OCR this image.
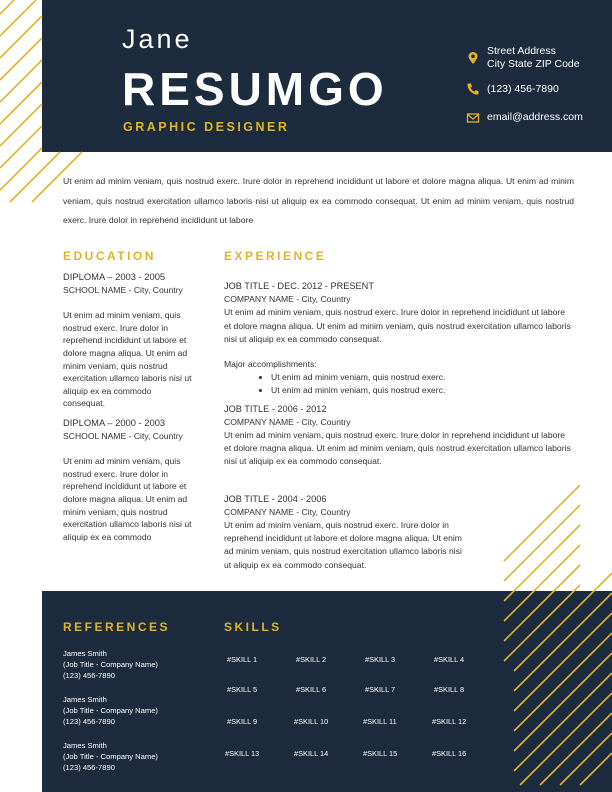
Jane
RESUMGO
GRAPHIC DESIGNER
Street Address
City State ZIP Code
(123) 456-7890
email@address.com
Ut enim ad minim veniam, quis nostrud exerc. Irure dolor in reprehend incididunt ut labore et dolore magna aliqua. Ut enim ad minim veniam, quis nostrud exercitation ullamco laboris nisi ut aliquip ex ea commodo consequat. Ut enim ad minim veniam, quis nostrud exerc. Irure dolor in reprehend incididunt ut labore
EDUCATION
DIPLOMA – 2003 - 2005
SCHOOL NAME - City, Country
Ut enim ad minim veniam, quis nostrud exerc. Irure dolor in reprehend incididunt ut labore et dolore magna aliqua. Ut enim ad minim veniam, quis nostrud exercitation ullamco laboris nisi ut aliquip ex ea commodo consequat.
DIPLOMA – 2000 - 2003
SCHOOL NAME - City, Country
Ut enim ad minim veniam, quis nostrud exerc. Irure dolor in reprehend incididunt ut labore et dolore magna aliqua. Ut enim ad minim veniam, quis nostrud exercitation ullamco laboris nisi ut aliquip ex ea commodo
EXPERIENCE
JOB TITLE - DEC. 2012 - PRESENT
COMPANY NAME - City, Country
Ut enim ad minim veniam, quis nostrud exerc. Irure dolor in reprehend incididunt ut labore et dolore magna aliqua. Ut enim ad minim veniam, quis nostrud exercitation ullamco laboris nisi ut aliquip ex ea commodo consequat.
Major accomplishments:
• Ut enim ad minim veniam, quis nostrud exerc.
• Ut enim ad minim veniam, quis nostrud exerc.
JOB TITLE - 2006 - 2012
COMPANY NAME - City, Country
Ut enim ad minim veniam, quis nostrud exerc. Irure dolor in reprehend incididunt ut labore et dolore magna aliqua. Ut enim ad minim veniam, quis nostrud exercitation ullamco laboris nisi ut aliquip ex ea commodo consequat.
JOB TITLE - 2004 - 2006
COMPANY NAME - City, Country
Ut enim ad minim veniam, quis nostrud exerc. Irure dolor in reprehend incididunt ut labore et dolore magna aliqua. Ut enim ad minim veniam, quis nostrud exercitation ullamco laboris nisi ut aliquip ex ea commodo consequat.
REFERENCES
James Smith
(Job Title - Company Name)
(123) 456-7890
James Smith
(Job Title - Company Name)
(123) 456-7890
James Smith
(Job Title - Company Name)
(123) 456-7890
SKILLS
#SKILL 1	#SKILL 2	#SKILL 3	#SKILL 4
#SKILL 5	#SKILL 6	#SKILL 7	#SKILL 8
#SKILL 9	#SKILL 10	#SKILL 11	#SKILL 12
#SKILL 13	#SKILL 14	#SKILL 15	#SKILL 16
